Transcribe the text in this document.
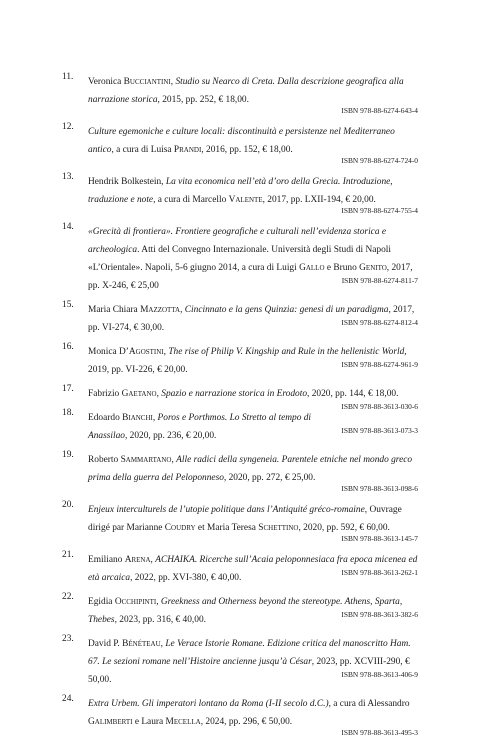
11. Veronica Bucciantini, Studio su Nearco di Creta. Dalla descrizione geografica alla narrazione storica, 2015, pp. 252, € 18,00.
ISBN 978-88-6274-643-4

12. Culture egemoniche e culture locali: discontinuità e persistenze nel Mediterraneo antico, a cura di Luisa Prandi, 2016, pp. 152, € 18,00.
ISBN 978-88-6274-724-0

13. Hendrik Bolkestein, La vita economica nell’età d’oro della Grecia. Introduzione, traduzione e note, a cura di Marcello Valente, 2017, pp. LXII-194, € 20,00.
ISBN 978-88-6274-755-4

14. «Grecità di frontiera». Frontiere geografiche e culturali nell’evidenza storica e archeologica. Atti del Convegno Internazionale. Università degli Studi di Napoli «L’Orientale». Napoli, 5-6 giugno 2014, a cura di Luigi Gallo e Bruno Genito, 2017, pp. X-246, € 25,00
ISBN 978-88-6274-811-7

15. Maria Chiara Mazzotta, Cincinnato e la gens Quinzia: genesi di un paradigma, 2017, pp. VI-274, € 30,00.
ISBN 978-88-6274-812-4

16. Monica D’Agostini, The rise of Philip V. Kingship and Rule in the hellenistic World, 2019, pp. VI-226, € 20,00.
ISBN 978-88-6274-961-9

17. Fabrizio Gaetano, Spazio e narrazione storica in Erodoto, 2020, pp. 144, € 18,00.
ISBN 978-88-3613-030-6

18. Edoardo Bianchi, Poros e Porthmos. Lo Stretto al tempo di Anassilao, 2020, pp. 236, € 20,00.
ISBN 978-88-3613-073-3

19. Roberto Sammartano, Alle radici della syngeneia. Parentele etniche nel mondo greco prima della guerra del Peloponneso, 2020, pp. 272, € 25,00.
ISBN 978-88-3613-098-6

20. Enjeux interculturels de l’utopie politique dans l’Antiquité gréco-romaine, Ouvrage dirigé par Marianne Coudry et Maria Teresa Schettino, 2020, pp. 592, € 60,00.
ISBN 978-88-3613-145-7

21. Emiliano Arena, ACHAIKA. Ricerche sull’Acaia peloponnesiaca fra epoca micenea ed età arcaica, 2022, pp. XVI-380, € 40,00.
ISBN 978-88-3613-262-1

22. Egidia Occhipinti, Greekness and Otherness beyond the stereotype. Athens, Sparta, Thebes, 2023, pp. 316, € 40,00.
ISBN 978-88-3613-382-6

23. David P. Bénéteau, Le Verace Istorie Romane. Edizione critica del manoscritto Ham. 67. Le sezioni romane nell’Histoire ancienne jusqu’à César, 2023, pp. XCVIII-290, € 50,00.
ISBN 978-88-3613-406-9

24. Extra Urbem. Gli imperatori lontano da Roma (I-II secolo d.C.), a cura di Alessandro Galimberti e Laura Mecella, 2024, pp. 296, € 50,00.
ISBN 978-88-3613-495-3
